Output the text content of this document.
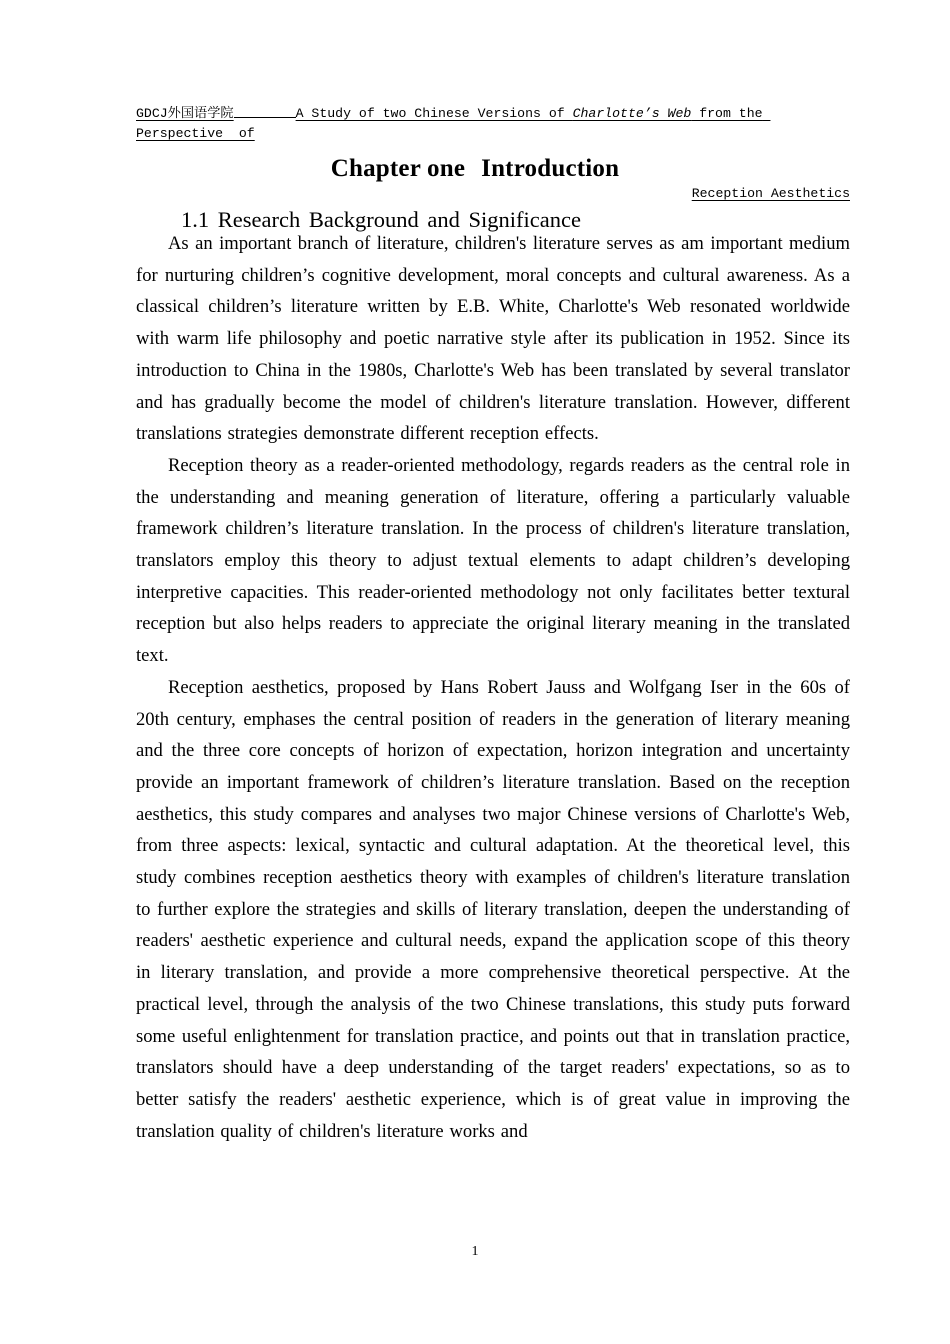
GDCJ外国语学院	A Study of two Chinese Versions of Charlotte’s Web from the Perspective  of

Reception Aesthetics

Chapter one Introduction
1.1 Research Background and Significance

As an important branch of literature, children's literature serves as am important medium for nurturing children’s cognitive development, moral concepts and cultural awareness. As a classical children’s literature written by E.B. White, Charlotte's Web resonated worldwide with warm life philosophy and poetic narrative style after its publication in 1952. Since its introduction to China in the 1980s, Charlotte's Web has been translated by several translator and has gradually become the model of children's literature translation. However, different translations strategies demonstrate different reception effects.

Reception theory as a reader-oriented methodology, regards readers as the central role in the understanding and meaning generation of literature, offering a particularly valuable framework children’s literature translation. In the process of children's literature translation, translators employ this theory to adjust textual elements to adapt children’s developing interpretive capacities. This reader-oriented methodology not only facilitates better textural reception but also helps readers to appreciate the original literary meaning in the translated text.

Reception aesthetics, proposed by Hans Robert Jauss and Wolfgang Iser in the 60s of 20th century, emphases the central position of readers in the generation of literary meaning and the three core concepts of horizon of expectation, horizon integration and uncertainty provide an important framework of children’s literature translation. Based on the reception aesthetics, this study compares and analyses two major Chinese versions of Charlotte's Web, from three aspects: lexical, syntactic and cultural adaptation. At the theoretical level, this study combines reception aesthetics theory with examples of children's literature translation to further explore the strategies and skills of literary translation, deepen the understanding of readers' aesthetic experience and cultural needs, expand the application scope of this theory in literary translation, and provide a more comprehensive theoretical perspective. At the practical level, through the analysis of the two Chinese translations, this study puts forward some useful enlightenment for translation practice, and points out that in translation practice, translators should have a deep understanding of the target readers' expectations, so as to better satisfy the readers' aesthetic experience, which is of great value in improving the translation quality of children's literature works and

1
